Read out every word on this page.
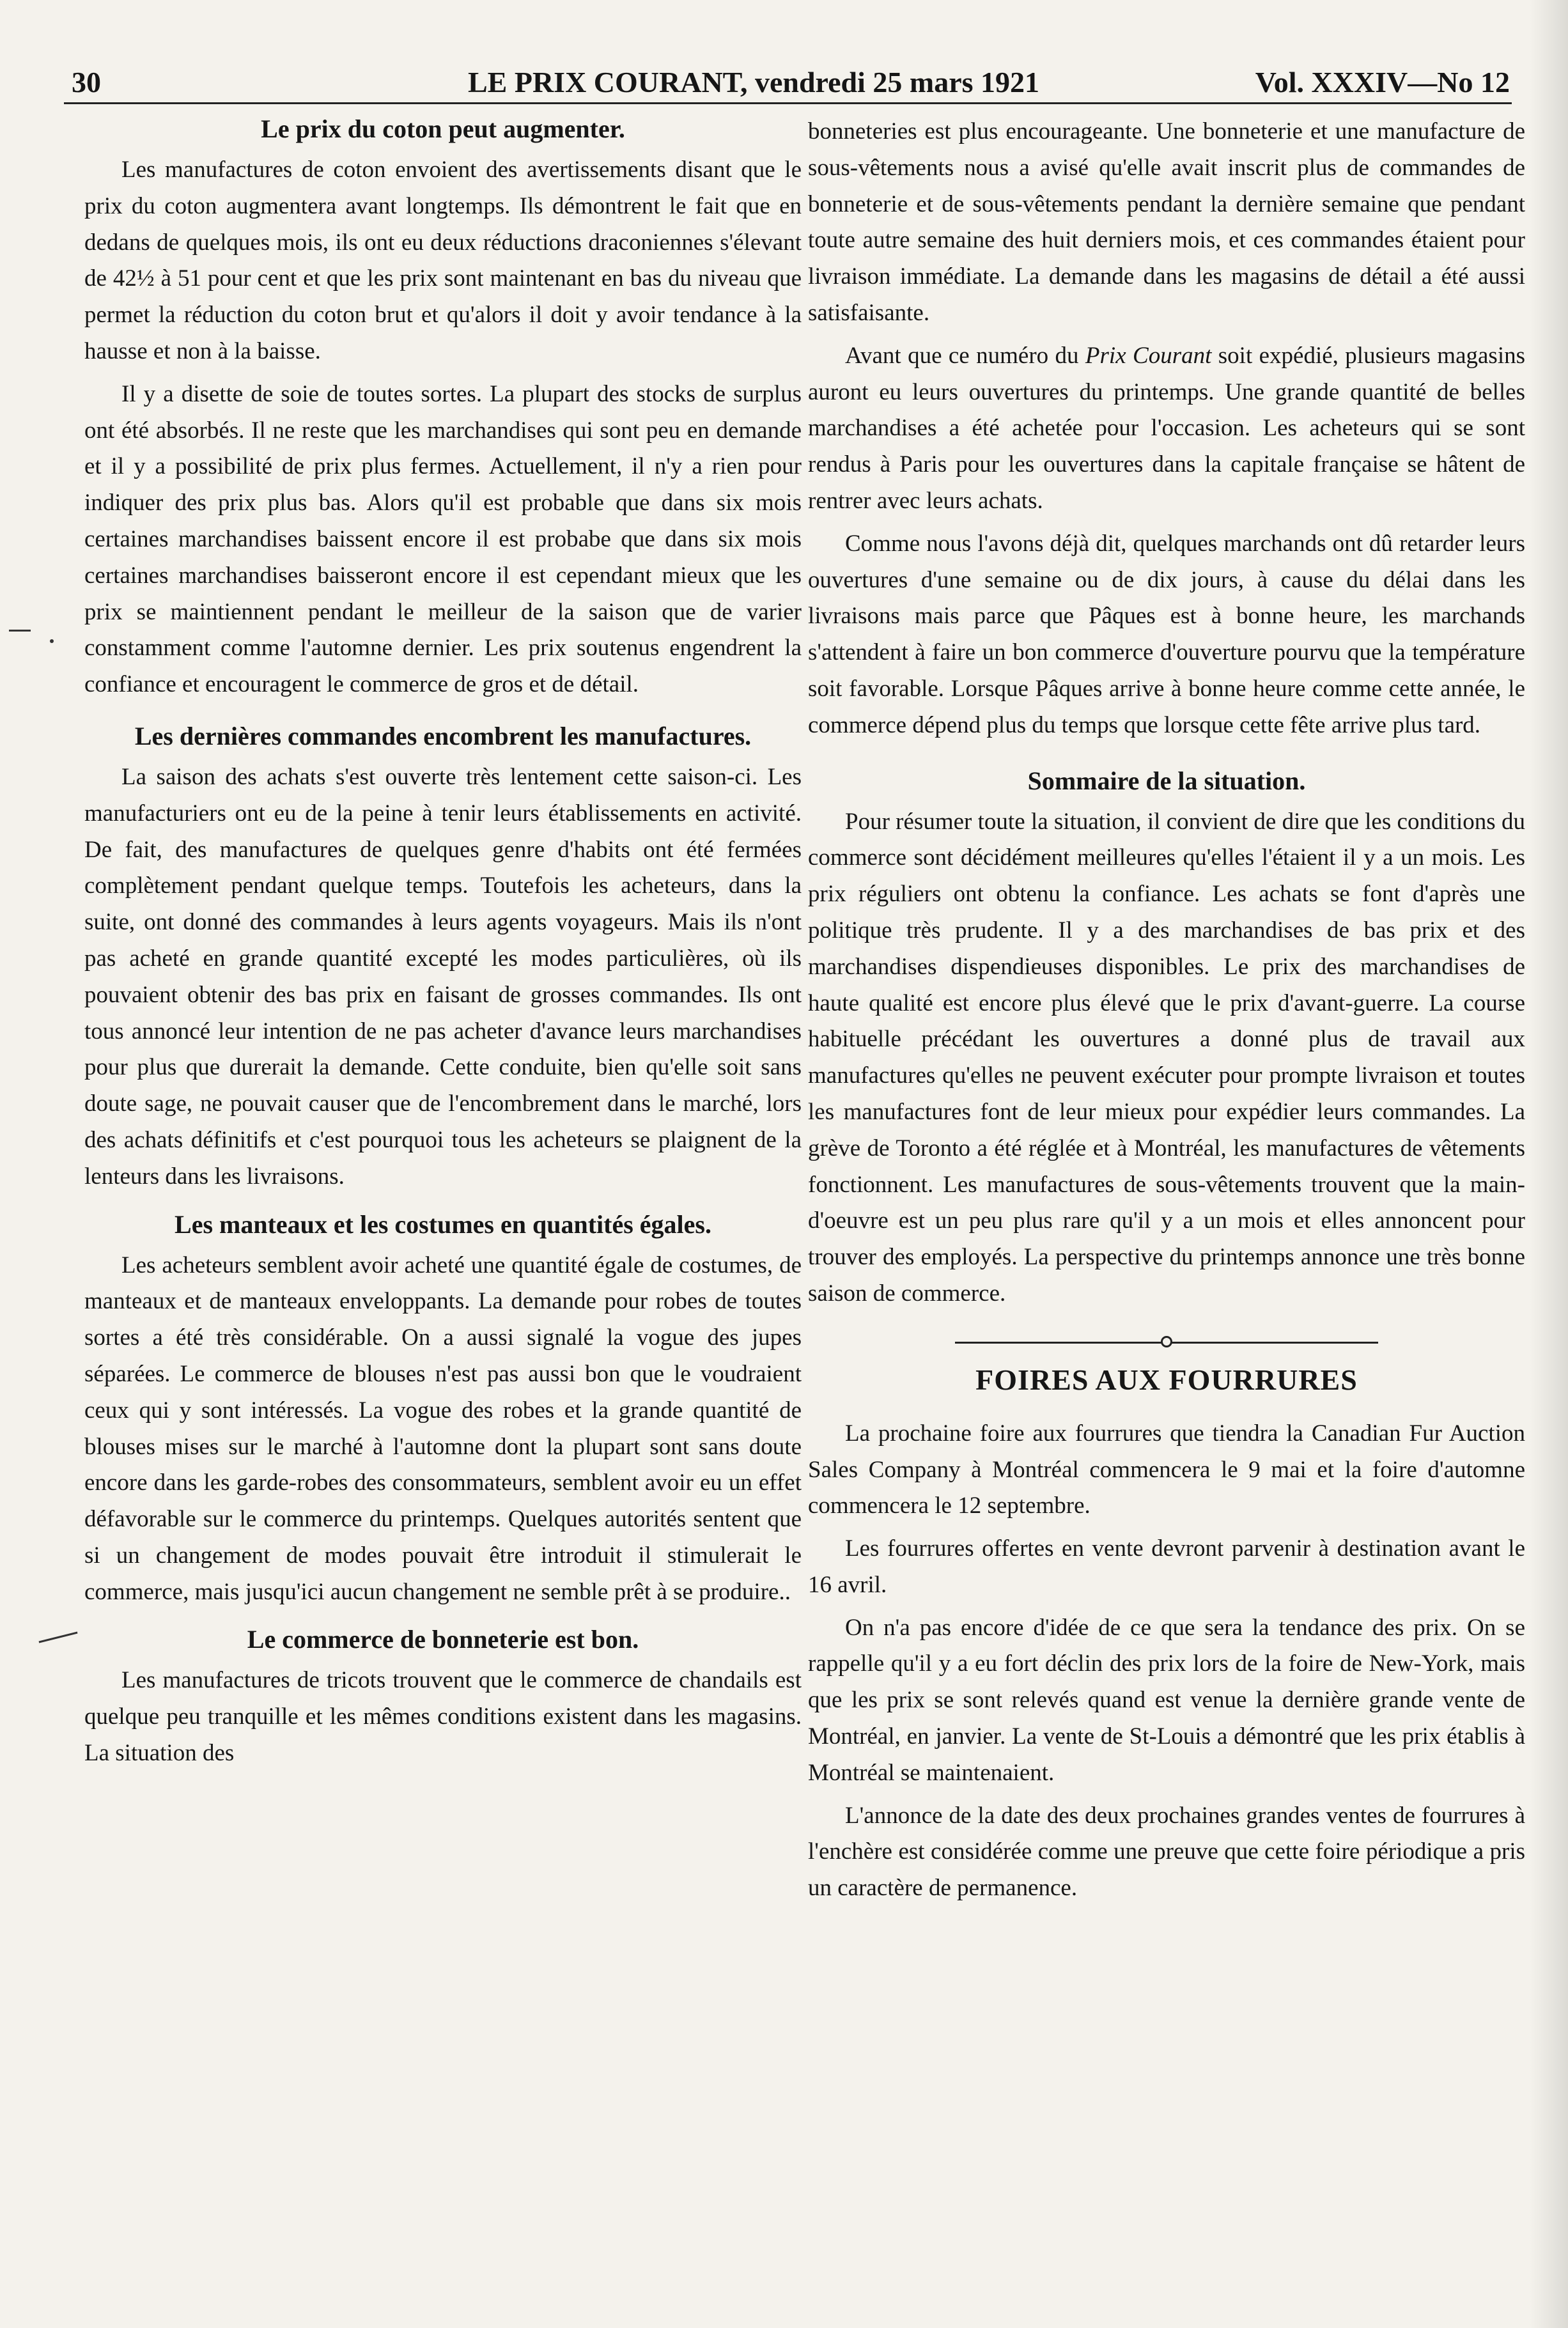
30	LE PRIX COURANT, vendredi 25 mars 1921	Vol. XXXIV—No 12
Le prix du coton peut augmenter.

Les manufactures de coton envoient des avertissements disant que le prix du coton augmentera avant longtemps. Ils démontrent le fait que en dedans de quelques mois, ils ont eu deux réductions draconiennes s'élevant de 42½ à 51 pour cent et que les prix sont maintenant en bas du niveau que permet la réduction du coton brut et qu'alors il doit y avoir tendance à la hausse et non à la baisse.

Il y a disette de soie de toutes sortes. La plupart des stocks de surplus ont été absorbés. Il ne reste que les marchandises qui sont peu en demande et il y a possibilité de prix plus fermes. Actuellement, il n'y a rien pour indiquer des prix plus bas. Alors qu'il est probable que dans six mois certaines marchandises baissent encore il est probabe que dans six mois certaines marchandises baisseront encore il est cependant mieux que les prix se maintiennent pendant le meilleur de la saison que de varier constamment comme l'automne dernier. Les prix soutenus engendrent la confiance et encouragent le commerce de gros et de détail.

Les dernières commandes encombrent les manufactures.

La saison des achats s'est ouverte très lentement cette saison-ci. Les manufacturiers ont eu de la peine à tenir leurs établissements en activité. De fait, des manufactures de quelques genre d'habits ont été fermées complètement pendant quelque temps. Toutefois les acheteurs, dans la suite, ont donné des commandes à leurs agents voyageurs. Mais ils n'ont pas acheté en grande quantité excepté les modes particulières, où ils pouvaient obtenir des bas prix en faisant de grosses commandes. Ils ont tous annoncé leur intention de ne pas acheter d'avance leurs marchandises pour plus que durerait la demande. Cette conduite, bien qu'elle soit sans doute sage, ne pouvait causer que de l'encombrement dans le marché, lors des achats définitifs et c'est pourquoi tous les acheteurs se plaignent de la lenteurs dans les livraisons.

Les manteaux et les costumes en quantités égales.

Les acheteurs semblent avoir acheté une quantité égale de costumes, de manteaux et de manteaux enveloppants. La demande pour robes de toutes sortes a été très considérable. On a aussi signalé la vogue des jupes séparées. Le commerce de blouses n'est pas aussi bon que le voudraient ceux qui y sont intéressés. La vogue des robes et la grande quantité de blouses mises sur le marché à l'automne dont la plupart sont sans doute encore dans les garde-robes des consommateurs, semblent avoir eu un effet défavorable sur le commerce du printemps. Quelques autorités sentent que si un changement de modes pouvait être introduit il stimulerait le commerce, mais jusqu'ici aucun changement ne semble prêt à se produire..

Le commerce de bonneterie est bon.

Les manufactures de tricots trouvent que le commerce de chandails est quelque peu tranquille et les mêmes conditions existent dans les magasins. La situation des

bonneteries est plus encourageante. Une bonneterie et une manufacture de sous-vêtements nous a avisé qu'elle avait inscrit plus de commandes de bonneterie et de sous-vêtements pendant la dernière semaine que pendant toute autre semaine des huit derniers mois, et ces commandes étaient pour livraison immédiate. La demande dans les magasins de détail a été aussi satisfaisante.

Avant que ce numéro du Prix Courant soit expédié, plusieurs magasins auront eu leurs ouvertures du printemps. Une grande quantité de belles marchandises a été achetée pour l'occasion. Les acheteurs qui se sont rendus à Paris pour les ouvertures dans la capitale française se hâtent de rentrer avec leurs achats.

Comme nous l'avons déjà dit, quelques marchands ont dû retarder leurs ouvertures d'une semaine ou de dix jours, à cause du délai dans les livraisons mais parce que Pâques est à bonne heure, les marchands s'attendent à faire un bon commerce d'ouverture pourvu que la température soit favorable. Lorsque Pâques arrive à bonne heure comme cette année, le commerce dépend plus du temps que lorsque cette fête arrive plus tard.

Sommaire de la situation.

Pour résumer toute la situation, il convient de dire que les conditions du commerce sont décidément meilleures qu'elles l'étaient il y a un mois. Les prix réguliers ont obtenu la confiance. Les achats se font d'après une politique très prudente. Il y a des marchandises de bas prix et des marchandises dispendieuses disponibles. Le prix des marchandises de haute qualité est encore plus élevé que le prix d'avant-guerre. La course habituelle précédant les ouvertures a donné plus de travail aux manufactures qu'elles ne peuvent exécuter pour prompte livraison et toutes les manufactures font de leur mieux pour expédier leurs commandes. La grève de Toronto a été réglée et à Montréal, les manufactures de vêtements fonctionnent. Les manufactures de sous-vêtements trouvent que la main-d'oeuvre est un peu plus rare qu'il y a un mois et elles annoncent pour trouver des employés. La perspective du printemps annonce une très bonne saison de commerce.

FOIRES AUX FOURRURES

La prochaine foire aux fourrures que tiendra la Canadian Fur Auction Sales Company à Montréal commencera le 9 mai et la foire d'automne commencera le 12 septembre.

Les fourrures offertes en vente devront parvenir à destination avant le 16 avril.

On n'a pas encore d'idée de ce que sera la tendance des prix. On se rappelle qu'il y a eu fort déclin des prix lors de la foire de New-York, mais que les prix se sont relevés quand est venue la dernière grande vente de Montréal, en janvier. La vente de St-Louis a démontré que les prix établis à Montréal se maintenaient.

L'annonce de la date des deux prochaines grandes ventes de fourrures à l'enchère est considérée comme une preuve que cette foire périodique a pris un caractère de permanence.
